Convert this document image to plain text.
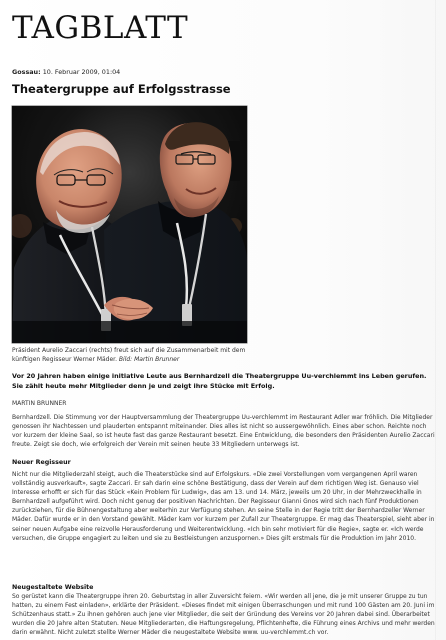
TAGBLATT
Gossau: 10. Februar 2009, 01:04
Theatergruppe auf Erfolgsstrasse
Präsident Aurelio Zaccari (rechts) freut sich auf die Zusammenarbeit mit dem künftigen Regisseur Werner Mäder. Bild: Martin Brunner
Vor 20 Jahren haben einige initiative Leute aus Bernhardzell die Theatergruppe Uu-verchlemmt ins Leben gerufen. Sie zählt heute mehr Mitglieder denn je und zeigt ihre Stücke mit Erfolg.
MARTIN BRUNNER
Bernhardzell. Die Stimmung vor der Hauptversammlung der Theatergruppe Uu-verchlemmt im Restaurant Adler war fröhlich. Die Mitglieder genossen ihr Nachtessen und plauderten entspannt miteinander. Dies alles ist nicht so aussergewöhnlich. Eines aber schon. Reichte noch vor kurzem der kleine Saal, so ist heute fast das ganze Restaurant besetzt. Eine Entwicklung, die besonders den Präsidenten Aurelio Zaccari freute. Zeigt sie doch, wie erfolgreich der Verein mit seinen heute 33 Mitgliedern unterwegs ist.
Neuer Regisseur
Nicht nur die Mitgliederzahl steigt, auch die Theaterstücke sind auf Erfolgskurs. «Die zwei Vorstellungen vom vergangenen April waren vollständig ausverkauft», sagte Zaccari. Er sah darin eine schöne Bestätigung, dass der Verein auf dem richtigen Weg ist. Genauso viel Interesse erhofft er sich für das Stück «Kein Problem für Ludwig», das am 13. und 14. März, jeweils um 20 Uhr, in der Mehrzweckhalle in Bernhardzell aufgeführt wird. Doch nicht genug der positiven Nachrichten. Der Regisseur Gianni Gnos wird sich nach fünf Produktionen zurückziehen, für die Bühnengestaltung aber weiterhin zur Verfügung stehen. An seine Stelle in der Regie tritt der Bernhardzeller Werner Mäder. Dafür wurde er in den Vorstand gewählt. Mäder kam vor kurzem per Zufall zur Theatergruppe. Er mag das Theaterspiel, sieht aber in seiner neuen Aufgabe eine reizvolle Herausforderung und Weiterentwicklung. «Ich bin sehr motiviert für die Regie», sagte er. «Ich werde versuchen, die Gruppe engagiert zu leiten und sie zu Bestleistungen anzuspornen.» Dies gilt erstmals für die Produktion im Jahr 2010.
Neugestaltete Website
So gerüstet kann die Theatergruppe ihren 20. Geburtstag in aller Zuversicht feiern. «Wir werden all jene, die je mit unserer Gruppe zu tun hatten, zu einem Fest einladen», erklärte der Präsident. «Dieses findet mit einigen Überraschungen und mit rund 100 Gästen am 20. Juni im Schützenhaus statt.» Zu ihnen gehören auch jene vier Mitglieder, die seit der Gründung des Vereins vor 20 Jahren dabei sind. Überarbeitet wurden die 20 Jahre alten Statuten. Neue Mitgliederarten, die Haftungsregelung, Pflichtenhefte, die Führung eines Archivs und mehr werden darin erwähnt. Nicht zuletzt stellte Werner Mäder die neugestaltete Website www. uu-verchlemmt.ch vor.
